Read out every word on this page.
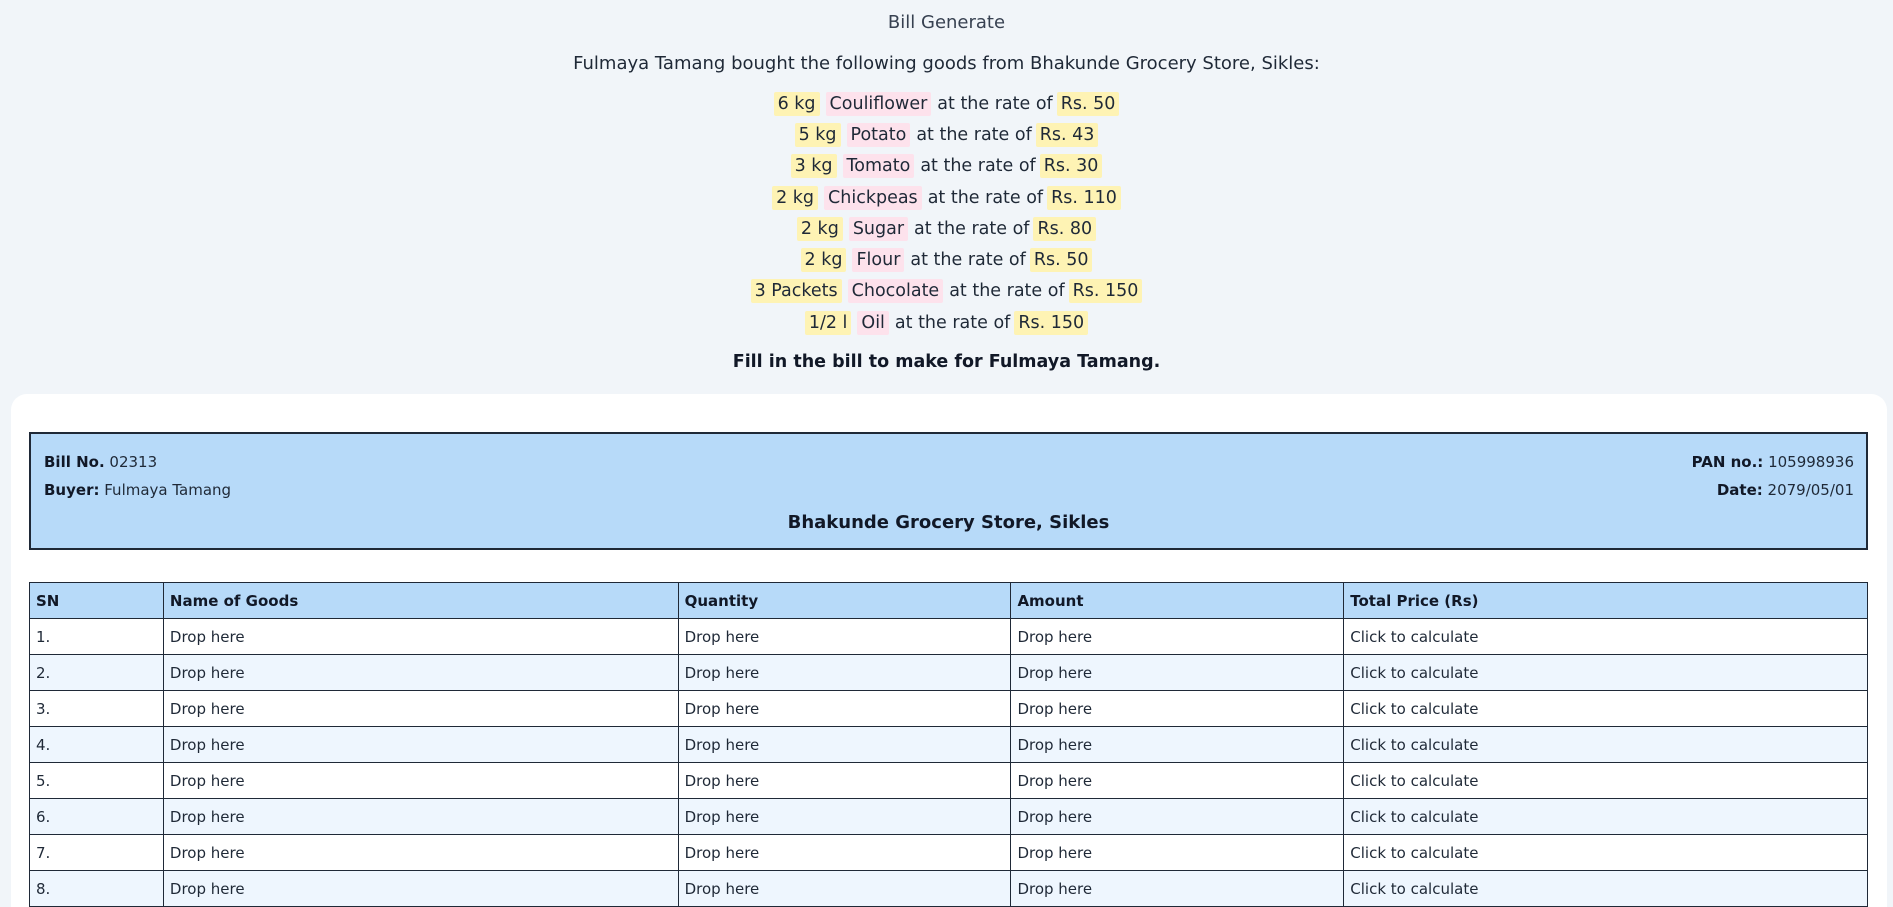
Bill Generate
Fulmaya Tamang bought the following goods from Bhakunde Grocery Store, Sikles:
6 kg Couliflower at the rate of Rs. 50
5 kg Potato at the rate of Rs. 43
3 kg Tomato at the rate of Rs. 30
2 kg Chickpeas at the rate of Rs. 110
2 kg Sugar at the rate of Rs. 80
2 kg Flour at the rate of Rs. 50
3 Packets Chocolate at the rate of Rs. 150
1/2 l Oil at the rate of Rs. 150
Fill in the bill to make for Fulmaya Tamang.
Bill No. 02313
Buyer: Fulmaya Tamang
PAN no.: 105998936
Date: 2079/05/01
Bhakunde Grocery Store, Sikles
SN	Name of Goods	Quantity	Amount	Total Price (Rs)
1.	Drop here	Drop here	Drop here	Click to calculate
2.	Drop here	Drop here	Drop here	Click to calculate
3.	Drop here	Drop here	Drop here	Click to calculate
4.	Drop here	Drop here	Drop here	Click to calculate
5.	Drop here	Drop here	Drop here	Click to calculate
6.	Drop here	Drop here	Drop here	Click to calculate
7.	Drop here	Drop here	Drop here	Click to calculate
8.	Drop here	Drop here	Drop here	Click to calculate
